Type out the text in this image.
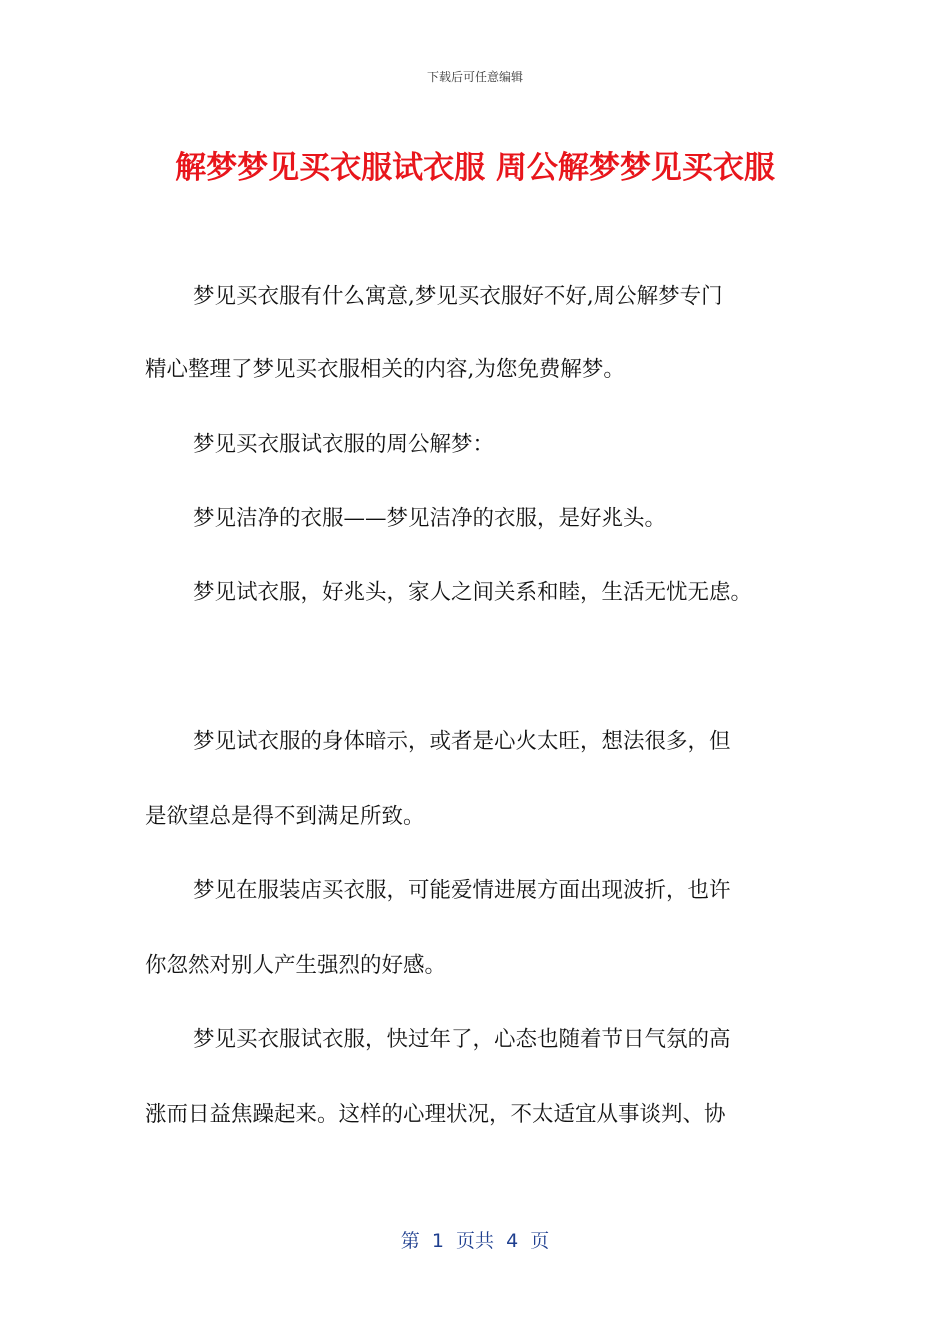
下载后可任意编辑
解梦梦见买衣服试衣服 周公解梦梦见买衣服
梦见买衣服有什么寓意,梦见买衣服好不好,周公解梦专门
精心整理了梦见买衣服相关的内容,为您免费解梦。
梦见买衣服试衣服的周公解梦：
梦见洁净的衣服——梦见洁净的衣服，是好兆头。
梦见试衣服，好兆头，家人之间关系和睦，生活无忧无虑。
梦见试衣服的身体暗示，或者是心火太旺，想法很多，但
是欲望总是得不到满足所致。
梦见在服装店买衣服，可能爱情进展方面出现波折，也许
你忽然对别人产生强烈的好感。
梦见买衣服试衣服，快过年了，心态也随着节日气氛的高
涨而日益焦躁起来。这样的心理状况，不太适宜从事谈判、协
第  1  页共  4  页
